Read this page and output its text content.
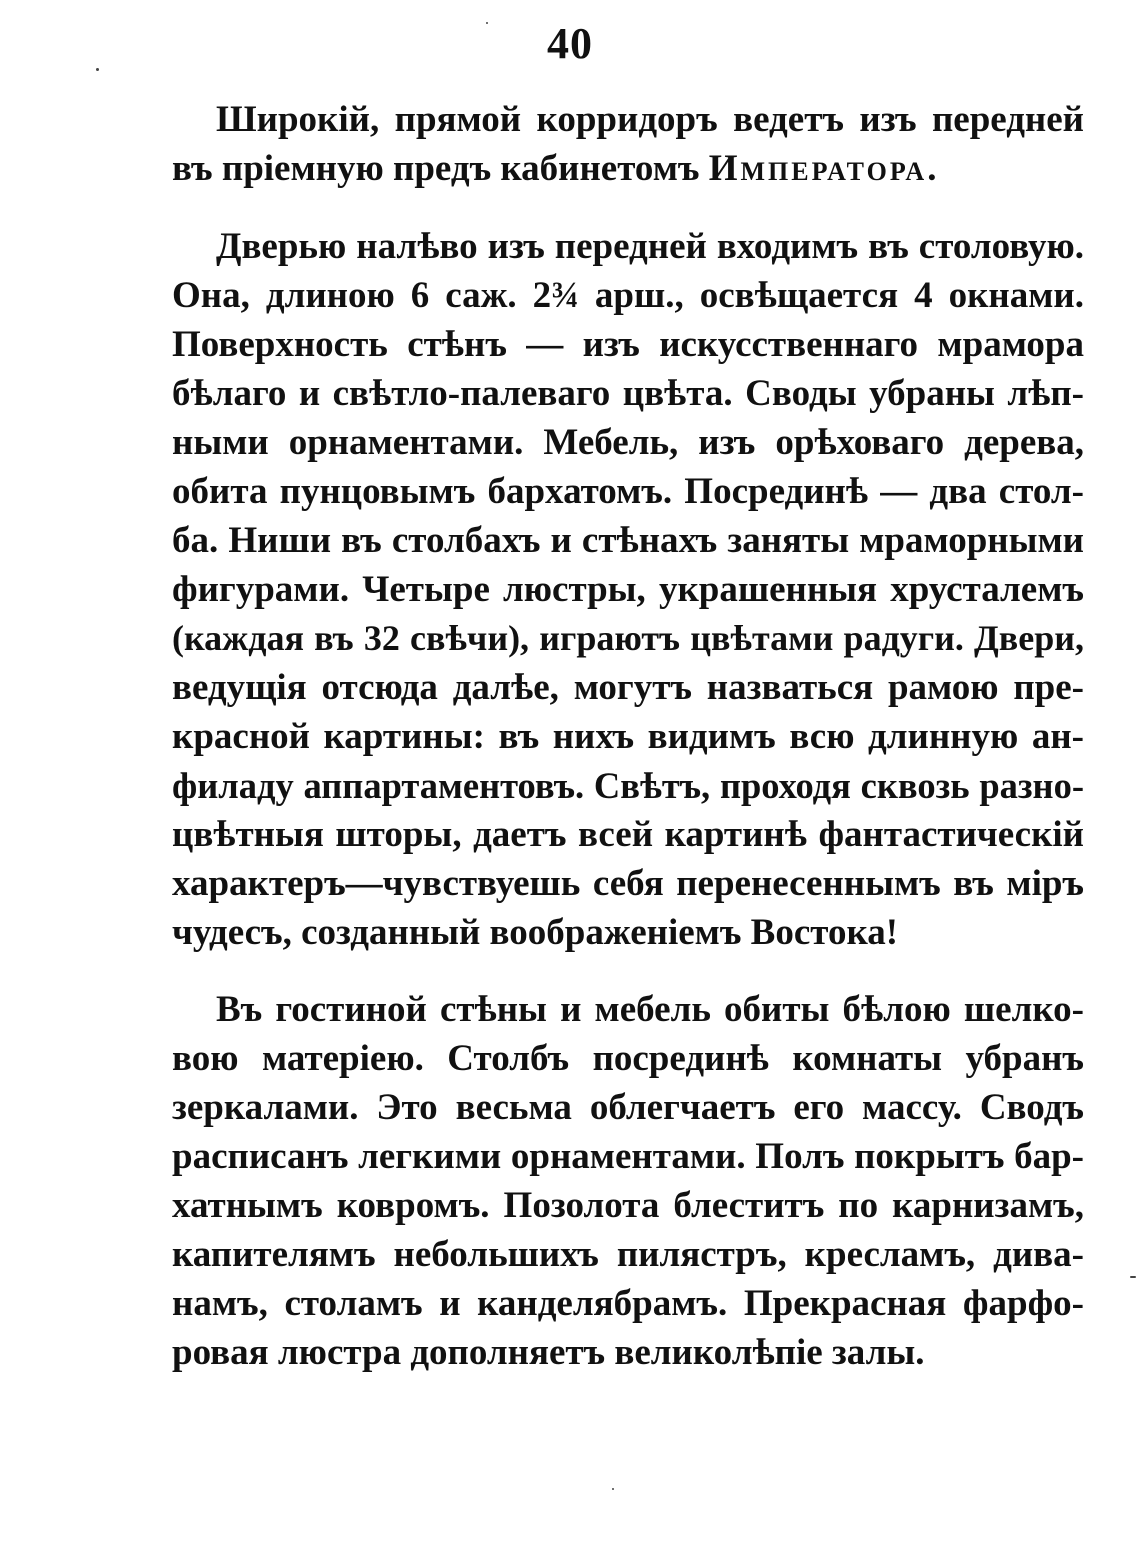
40
Широкій, прямой корридоръ ведетъ изъ передней
въ пріемную предъ кабинетомъ Императора.
Дверью налѣво изъ передней входимъ въ столовую.
Она, длиною 6 саж. 2¾ арш., освѣщается 4 окнами.
Поверхность стѣнъ — изъ искусственнаго мрамора
бѣлаго и свѣтло-палеваго цвѣта. Своды убраны лѣп-
ными орнаментами. Мебель, изъ орѣховаго дерева,
обита пунцовымъ бархатомъ. Посрединѣ — два стол-
ба. Ниши въ столбахъ и стѣнахъ заняты мраморными
фигурами. Четыре люстры, украшенныя хрусталемъ
(каждая въ 32 свѣчи), играютъ цвѣтами радуги. Двери,
ведущія отсюда далѣе, могутъ назваться рамою пре-
красной картины: въ нихъ видимъ всю длинную ан-
филаду аппартаментовъ. Свѣтъ, проходя сквозь разно-
цвѣтныя шторы, даетъ всей картинѣ фантастическій
характеръ—чувствуешь себя перенесеннымъ въ міръ
чудесъ, созданный воображеніемъ Востока!
Въ гостиной стѣны и мебель обиты бѣлою шелко-
вою матеріею. Столбъ посрединѣ комнаты убранъ
зеркалами. Это весьма облегчаетъ его массу. Сводъ
расписанъ легкими орнаментами. Полъ покрытъ бар-
хатнымъ ковромъ. Позолота блеститъ по карнизамъ,
капителямъ небольшихъ пилястръ, кресламъ, дива-
намъ, столамъ и канделябрамъ. Прекрасная фарфо-
ровая люстра дополняетъ великолѣпіе залы.
